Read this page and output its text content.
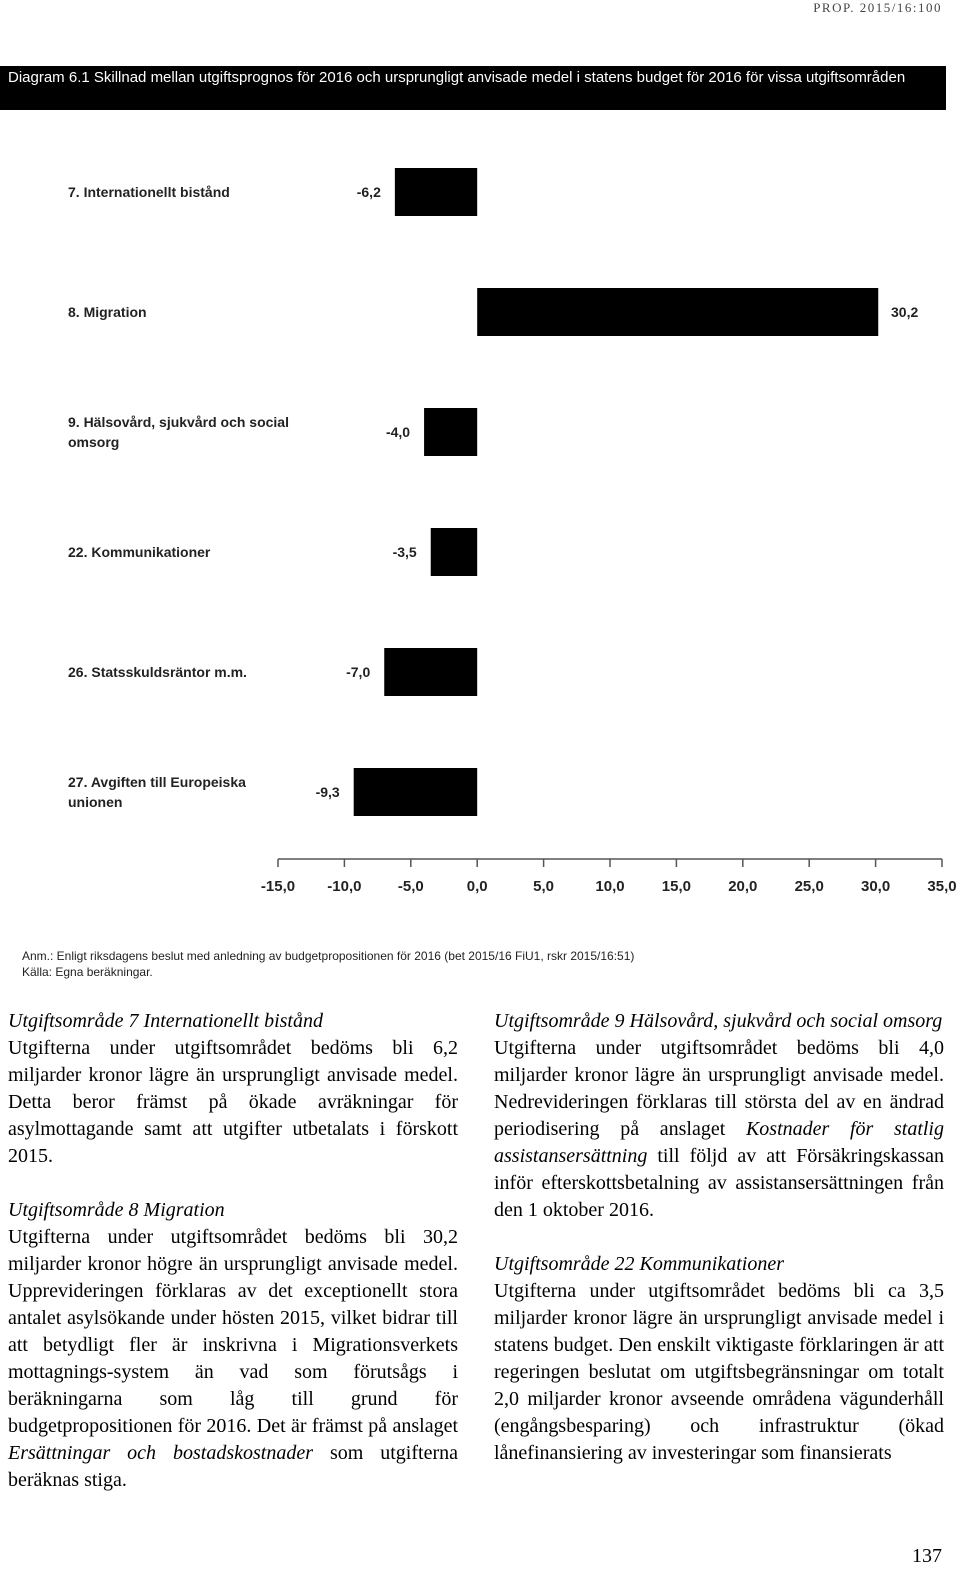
PROP. 2015/16:100
Diagram 6.1 Skillnad mellan utgiftsprognos för 2016 och ursprungligt anvisade medel i statens budget för 2016 för vissa utgiftsområden
7. Internationellt bistånd	-6,2
8. Migration	30,2
9. Hälsovård, sjukvård och social omsorg
-4,0
22. Kommunikationer	-3,5
26. Statsskuldsräntor m.m.	-7,0
27. Avgiften till Europeiska unionen
-9,3
-15,0 -10,0 -5,0	0,0	5,0	10,0 15,0 20,0 25,0 30,0 35,0
Anm.: Enligt riksdagens beslut med anledning av budgetpropositionen för 2016 (bet 2015/16 FiU1, rskr 2015/16:51)
Källa: Egna beräkningar.
Utgiftsområde 7 Internationellt bistånd

Utgifterna under utgiftsområdet bedöms bli 6,2 miljarder kronor lägre än ursprungligt anvisade medel. Detta beror främst på ökade avräkningar för asylmottagande samt att utgifter utbetalats i förskott 2015.

Utgiftsområde 8 Migration

Utgifterna under utgiftsområdet bedöms bli 30,2 miljarder kronor högre än ursprungligt anvisade medel. Upprevideringen förklaras av det exceptionellt stora antalet asylsökande under hösten 2015, vilket bidrar till att betydligt fler är inskrivna i Migrationsverkets mottagnings-system än vad som förutsågs i beräkningarna som låg till grund för budgetpropositionen för 2016. Det är främst på anslaget Ersättningar och bostadskostnader som utgifterna beräknas stiga.

Utgiftsområde 9 Hälsovård, sjukvård och social omsorg

Utgifterna under utgiftsområdet bedöms bli 4,0 miljarder kronor lägre än ursprungligt anvisade medel. Nedrevideringen förklaras till största del av en ändrad periodisering på anslaget Kostnader för statlig assistansersättning till följd av att Försäkringskassan inför efterskottsbetalning av assistansersättningen från den 1 oktober 2016.

Utgiftsområde 22 Kommunikationer

Utgifterna under utgiftsområdet bedöms bli ca 3,5 miljarder kronor lägre än ursprungligt anvisade medel i statens budget. Den enskilt viktigaste förklaringen är att regeringen beslutat om utgiftsbegränsningar om totalt 2,0 miljarder kronor avseende områdena vägunderhåll (engångsbesparing) och infrastruktur (ökad lånefinansiering av investeringar som finansierats

137
